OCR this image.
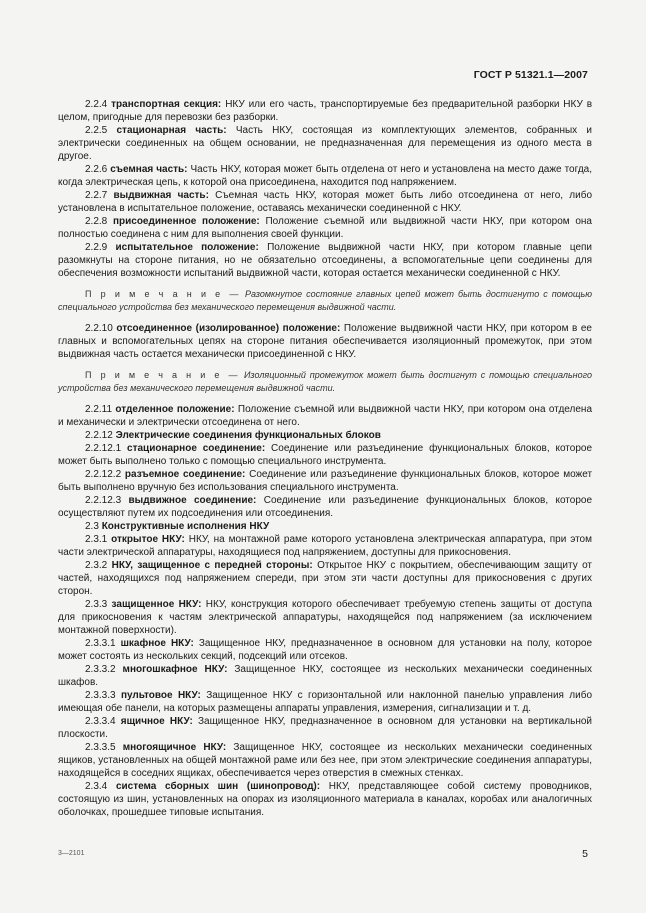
ГОСТ Р 51321.1—2007

2.2.4 транспортная секция: НКУ или его часть, транспортируемые без предварительной разборки НКУ в целом, пригодные для перевозки без разборки.

2.2.5 стационарная часть: Часть НКУ, состоящая из комплектующих элементов, собранных и электрически соединенных на общем основании, не предназначенная для перемещения из одного места в другое.

2.2.6 съемная часть: Часть НКУ, которая может быть отделена от него и установлена на место даже тогда, когда электрическая цепь, к которой она присоединена, находится под напряжением.

2.2.7 выдвижная часть: Съемная часть НКУ, которая может быть либо отсоединена от него, либо установлена в испытательное положение, оставаясь механически соединенной с НКУ.

2.2.8 присоединенное положение: Положение съемной или выдвижной части НКУ, при котором она полностью соединена с ним для выполнения своей функции.

2.2.9 испытательное положение: Положение выдвижной части НКУ, при котором главные цепи разомкнуты на стороне питания, но не обязательно отсоединены, а вспомогательные цепи соединены для обеспечения возможности испытаний выдвижной части, которая остается механически соединенной с НКУ.

П р и м е ч а н и е — Разомкнутое состояние главных цепей может быть достигнуто с помощью специального устройства без механического перемещения выдвижной части.

2.2.10 отсоединенное (изолированное) положение: Положение выдвижной части НКУ, при котором в ее главных и вспомогательных цепях на стороне питания обеспечивается изоляционный промежуток, при этом выдвижная часть остается механически присоединенной с НКУ.

П р и м е ч а н и е — Изоляционный промежуток может быть достигнут с помощью специального устройства без механического перемещения выдвижной части.

2.2.11 отделенное положение: Положение съемной или выдвижной части НКУ, при котором она отделена и механически и электрически отсоединена от него.

2.2.12 Электрические соединения функциональных блоков

2.2.12.1 стационарное соединение: Соединение или разъединение функциональных блоков, которое может быть выполнено только с помощью специального инструмента.

2.2.12.2 разъемное соединение: Соединение или разъединение функциональных блоков, которое может быть выполнено вручную без использования специального инструмента.

2.2.12.3 выдвижное соединение: Соединение или разъединение функциональных блоков, которое осуществляют путем их подсоединения или отсоединения.

2.3 Конструктивные исполнения НКУ

2.3.1 открытое НКУ: НКУ, на монтажной раме которого установлена электрическая аппаратура, при этом части электрической аппаратуры, находящиеся под напряжением, доступны для прикосновения.

2.3.2 НКУ, защищенное с передней стороны: Открытое НКУ с покрытием, обеспечивающим защиту от частей, находящихся под напряжением спереди, при этом эти части доступны для прикосновения с других сторон.

2.3.3 защищенное НКУ: НКУ, конструкция которого обеспечивает требуемую степень защиты от доступа для прикосновения к частям электрической аппаратуры, находящейся под напряжением (за исключением монтажной поверхности).

2.3.3.1 шкафное НКУ: Защищенное НКУ, предназначенное в основном для установки на полу, которое может состоять из нескольких секций, подсекций или отсеков.

2.3.3.2 многошкафное НКУ: Защищенное НКУ, состоящее из нескольких механически соединенных шкафов.

2.3.3.3 пультовое НКУ: Защищенное НКУ с горизонтальной или наклонной панелью управления либо имеющая обе панели, на которых размещены аппараты управления, измерения, сигнализации и т. д.

2.3.3.4 ящичное НКУ: Защищенное НКУ, предназначенное в основном для установки на вертикальной плоскости.

2.3.3.5 многоящичное НКУ: Защищенное НКУ, состоящее из нескольких механически соединенных ящиков, установленных на общей монтажной раме или без нее, при этом электрические соединения аппаратуры, находящейся в соседних ящиках, обеспечивается через отверстия в смежных стенках.

2.3.4 система сборных шин (шинопровод): НКУ, представляющее собой систему проводников, состоящую из шин, установленных на опорах из изоляционного материала в каналах, коробах или аналогичных оболочках, прошедшее типовые испытания.

3—2101	5
